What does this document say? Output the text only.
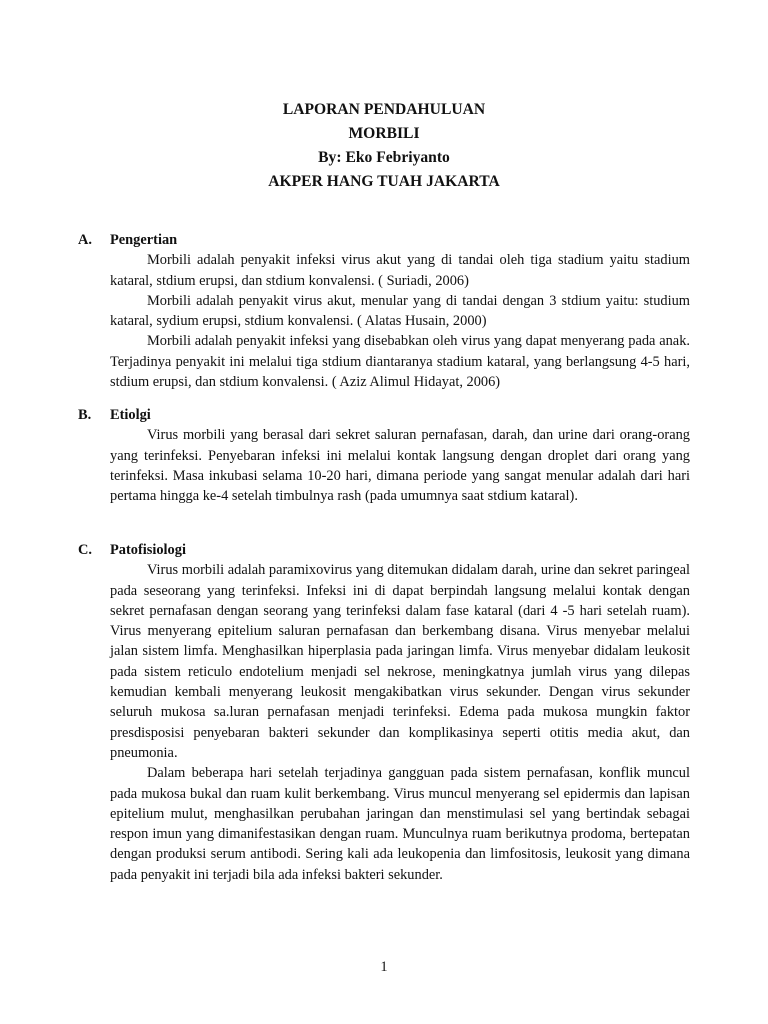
LAPORAN PENDAHULUAN
MORBILI
By: Eko Febriyanto
AKPER HANG TUAH JAKARTA
A.	Pengertian

Morbili adalah penyakit infeksi virus akut yang di tandai oleh tiga stadium yaitu stadium kataral, stdium erupsi, dan stdium konvalensi. ( Suriadi, 2006)

Morbili adalah penyakit virus akut, menular yang di tandai dengan 3 stdium yaitu: studium kataral, sydium erupsi, stdium konvalensi. ( Alatas Husain, 2000)

Morbili adalah penyakit infeksi yang disebabkan oleh virus yang dapat menyerang pada anak. Terjadinya penyakit ini melalui tiga stdium diantaranya stadium kataral, yang berlangsung 4-5 hari, stdium erupsi, dan stdium konvalensi. ( Aziz Alimul Hidayat, 2006)

B.	Etiolgi

Virus morbili yang berasal dari sekret saluran pernafasan, darah, dan urine dari orang-orang yang terinfeksi. Penyebaran infeksi ini melalui kontak langsung dengan droplet dari orang yang terinfeksi. Masa inkubasi selama 10-20 hari, dimana periode yang sangat menular adalah dari hari pertama hingga ke-4 setelah timbulnya rash (pada umumnya saat stdium kataral).

C.	Patofisiologi

Virus morbili adalah paramixovirus yang ditemukan didalam darah, urine dan sekret paringeal pada seseorang yang terinfeksi. Infeksi ini di dapat berpindah langsung melalui kontak dengan sekret pernafasan dengan seorang yang terinfeksi dalam fase kataral (dari 4 -5 hari setelah ruam). Virus menyerang epitelium saluran pernafasan dan berkembang disana. Virus menyebar melalui jalan sistem limfa. Menghasilkan hiperplasia pada jaringan limfa. Virus menyebar didalam leukosit pada sistem reticulo endotelium menjadi sel nekrose, meningkatnya jumlah virus yang dilepas kemudian kembali menyerang leukosit mengakibatkan virus sekunder. Dengan virus sekunder seluruh mukosa sa.luran pernafasan menjadi terinfeksi. Edema pada mukosa mungkin faktor presdisposisi penyebaran bakteri sekunder dan komplikasinya seperti otitis media akut, dan pneumonia.

Dalam beberapa hari setelah terjadinya gangguan pada sistem pernafasan, konflik muncul pada mukosa bukal dan ruam kulit berkembang. Virus muncul menyerang sel epidermis dan lapisan epitelium mulut, menghasilkan perubahan jaringan dan menstimulasi sel yang bertindak sebagai respon imun yang dimanifestasikan dengan ruam. Munculnya ruam berikutnya prodoma, bertepatan dengan produksi serum antibodi. Sering kali ada leukopenia dan limfositosis, leukosit yang dimana pada penyakit ini terjadi bila ada infeksi bakteri sekunder.

1
